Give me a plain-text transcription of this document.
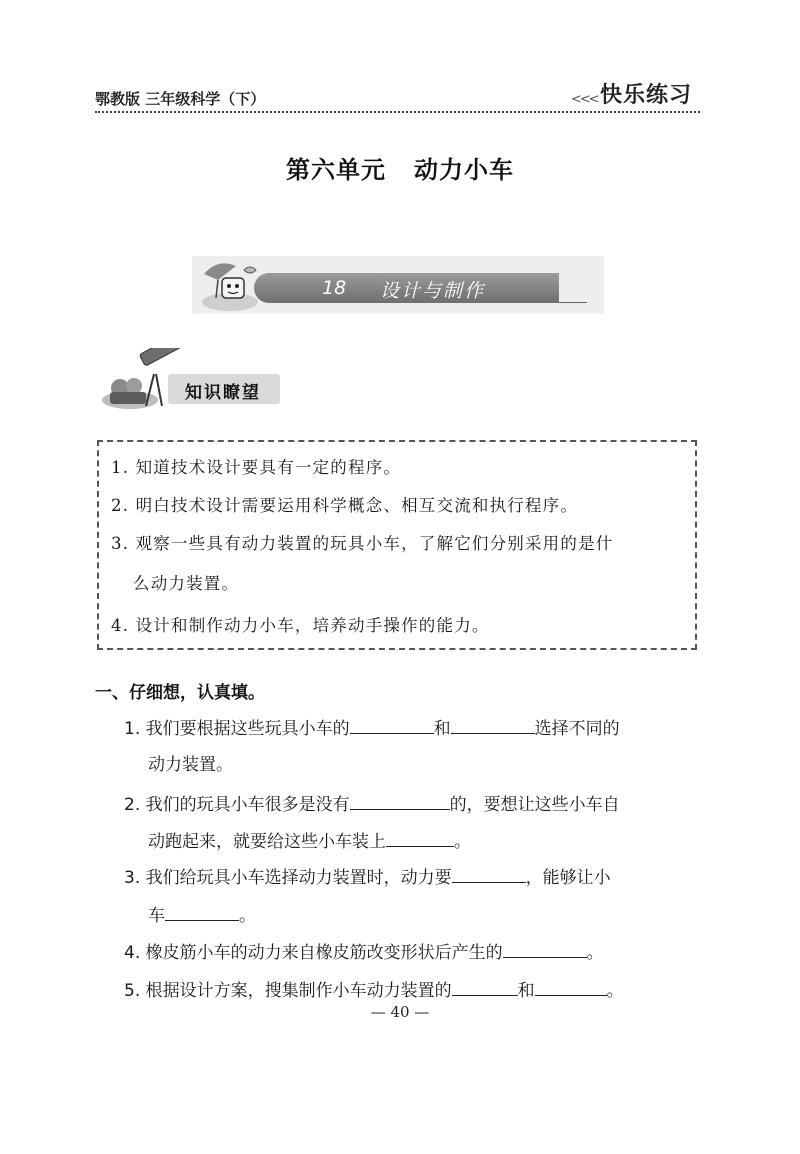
鄂教版 三年级科学（下）	<<< 快乐练习
第六单元 动力小车
18 设计与制作
知识瞭望
1. 知道技术设计要具有一定的程序。
2. 明白技术设计需要运用科学概念、相互交流和执行程序。
3. 观察一些具有动力装置的玩具小车，了解它们分别采用的是什
么动力装置。
4. 设计和制作动力小车，培养动手操作的能力。
一、仔细想，认真填。
1. 我们要根据这些玩具小车的	和	选择不同的
动力装置。
2. 我们的玩具小车很多是没有	的，要想让这些小车自
动跑起来，就要给这些小车装上	。
3. 我们给玩具小车选择动力装置时，动力要	，能够让小
车	。
4. 橡皮筋小车的动力来自橡皮筋改变形状后产生的	。
5. 根据设计方案，搜集制作小车动力装置的	和	。
— 40 —
